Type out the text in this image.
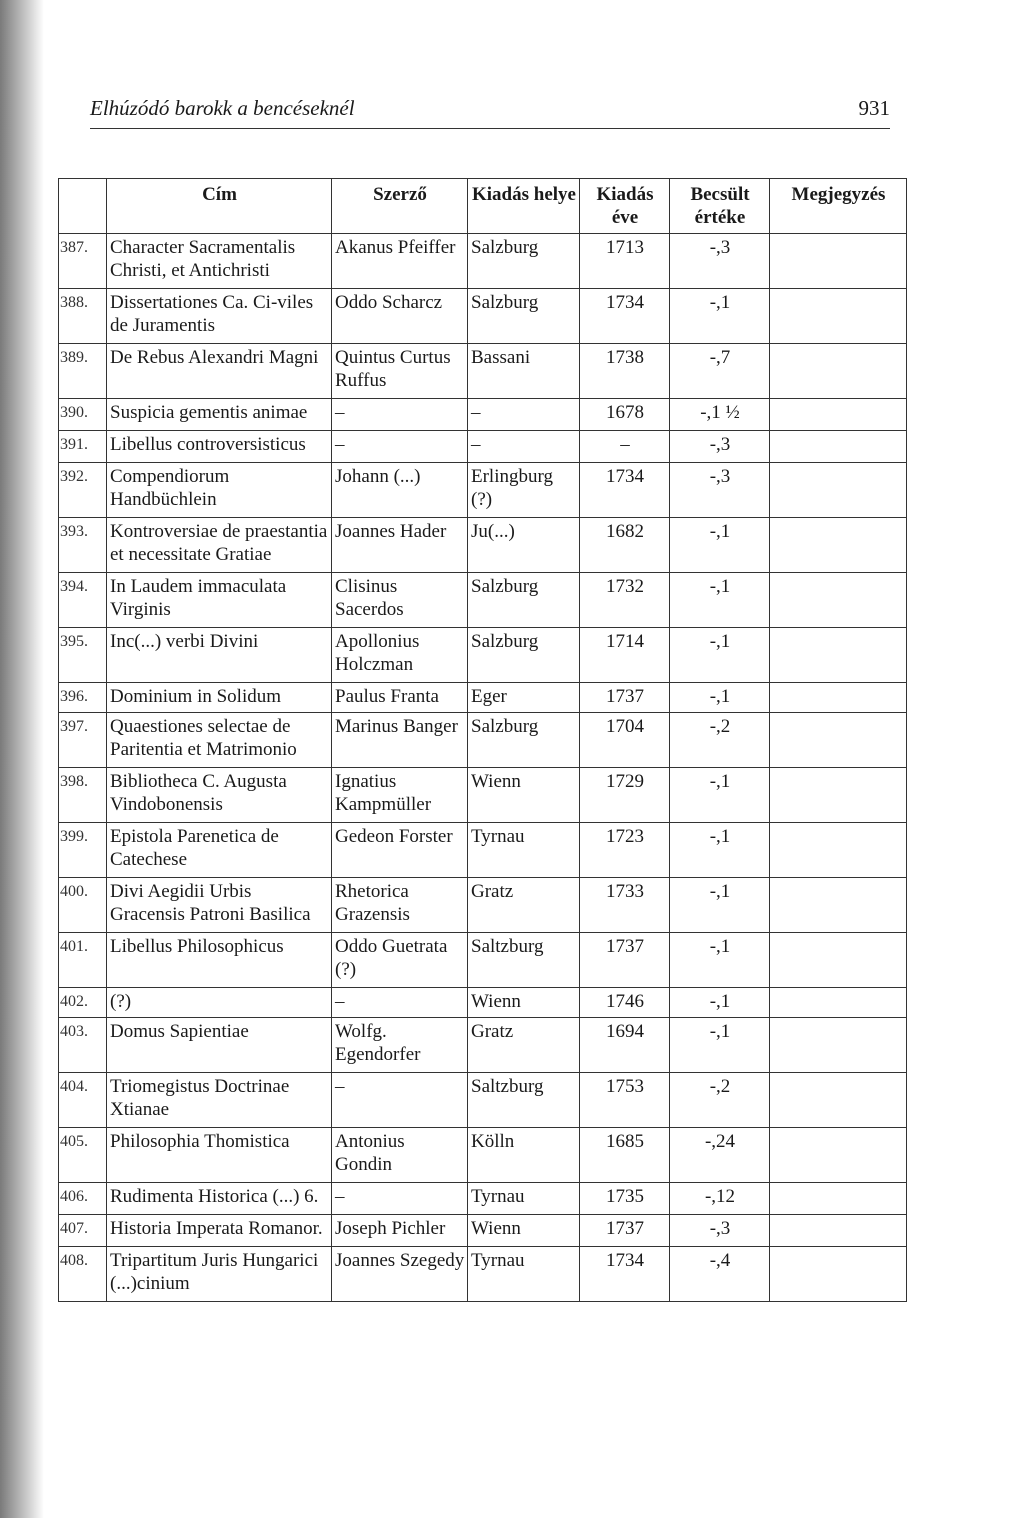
Elhúzódó barokk a bencéseknél	931
	Cím	Szerző	Kiadás helye	Kiadás éve	Becsült értéke	Megjegyzés
387.	Character Sacramentalis Christi, et Antichristi	Akanus Pfeiffer	Salzburg	1713	-,3	
388.	Dissertationes Ca. Ci-viles de Juramentis	Oddo Scharcz	Salzburg	1734	-,1	
389.	De Rebus Alexandri Magni	Quintus Curtus Ruffus	Bassani	1738	-,7	
390.	Suspicia gementis animae	–	–	1678	-,1 ½	
391.	Libellus controversisticus	–	–	–	-,3	
392.	Compendiorum Handbüchlein	Johann (...)	Erlingburg (?)	1734	-,3	
393.	Kontroversiae de praestantia et necessitate Gratiae	Joannes Hader	Ju(...)	1682	-,1	
394.	In Laudem immaculata Virginis	Clisinus Sacerdos	Salzburg	1732	-,1	
395.	Inc(...) verbi Divini	Apollonius Holczman	Salzburg	1714	-,1	
396.	Dominium in Solidum	Paulus Franta	Eger	1737	-,1	
397.	Quaestiones selectae de Paritentia et Matrimonio	Marinus Banger	Salzburg	1704	-,2	
398.	Bibliotheca C. Augusta Vindobonensis	Ignatius Kampmüller	Wienn	1729	-,1	
399.	Epistola Parenetica de Catechese	Gedeon Forster	Tyrnau	1723	-,1	
400.	Divi Aegidii Urbis Gracensis Patroni Basilica	Rhetorica Grazensis	Gratz	1733	-,1	
401.	Libellus Philosophicus	Oddo Guetrata (?)	Saltzburg	1737	-,1	
402.	(?)	–	Wienn	1746	-,1	
403.	Domus Sapientiae	Wolfg. Egendorfer	Gratz	1694	-,1	
404.	Triomegistus Doctrinae Xtianae	–	Saltzburg	1753	-,2	
405.	Philosophia Thomistica	Antonius Gondin	Kölln	1685	-,24	
406.	Rudimenta Historica (...) 6.	–	Tyrnau	1735	-,12	
407.	Historia Imperata Romanor.	Joseph Pichler	Wienn	1737	-,3	
408.	Tripartitum Juris Hungarici (...)cinium	Joannes Szegedy	Tyrnau	1734	-,4	
